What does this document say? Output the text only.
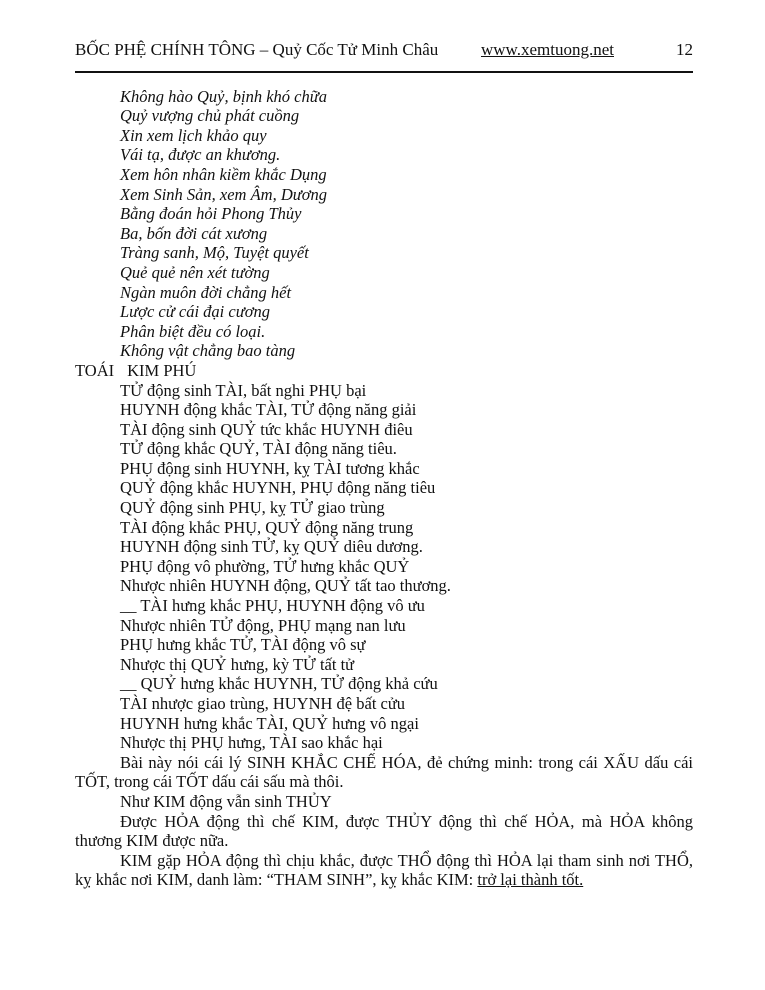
BỐC PHỆ CHÍNH TÔNG – Quỷ Cốc Tử Minh Châu	www.xemtuong.net	12
Không hào Quỷ, bịnh khó chữa
Quỷ vượng chủ phát cuồng
Xin xem lịch khảo quy
Vái tạ, được an khương.
Xem hôn nhân kiềm khắc Dụng
Xem Sinh Sản, xem Âm, Dương
Bằng đoán hỏi Phong Thủy
Ba, bốn đời cát xương
Tràng sanh, Mộ, Tuyệt quyết
Quẻ quẻ nên xét tường
Ngàn muôn đời chẳng hết
Lược cử cái đại cương
Phân biệt đều có loại.
Không vật chẳng bao tàng
TOÁI KIM PHÚ
TỬ động sinh TÀI, bất nghi PHỤ bại
HUYNH động khắc TÀI, TỬ động năng giải
TÀI động sinh QUỶ tức khắc HUYNH điêu
TỬ động khắc QUỶ, TÀI động năng tiêu.
PHỤ động sinh HUYNH, kỵ TÀI tương khắc
QUỶ động khắc HUYNH, PHỤ động năng tiêu
QUỶ động sinh PHỤ, kỵ TỬ giao trùng
TÀI động khắc PHỤ, QUỶ động năng trung
HUYNH động sinh TỬ, kỵ QUỶ diêu dương.
PHỤ động vô phường, TỬ hưng khắc QUỶ
Nhược nhiên HUYNH động, QUỶ tất tao thương.
__ TÀI hưng khắc PHỤ, HUYNH động vô ưu
Nhược nhiên TỬ động, PHỤ mạng nan lưu
PHỤ hưng khắc TỬ, TÀI động vô sự
Nhược thị QUỶ hưng, kỳ TỬ tất tử
__ QUỶ hưng khắc HUYNH, TỬ động khả cứu
TÀI nhược giao trùng, HUYNH đệ bất cửu
HUYNH hưng khắc TÀI, QUỶ hưng vô ngại
Nhược thị PHỤ hưng, TÀI sao khắc hại

Bài này nói cái lý SINH KHẮC CHẾ HÓA, đẻ chứng minh: trong cái XẤU dấu cái TỐT, trong cái TỐT dấu cái sấu mà thôi.

Như KIM động vẫn sinh THỦY

Được HỎA động thì chế KIM, được THỦY động thì chế HỎA, mà HỎA không thương KIM được nữa.

KIM gặp HỎA động thì chịu khắc, được THỔ động thì HỎA lại tham sinh nơi THỔ, kỵ khắc nơi KIM, danh làm: “THAM SINH”, kỵ khắc KIM: trở lại thành tốt.
